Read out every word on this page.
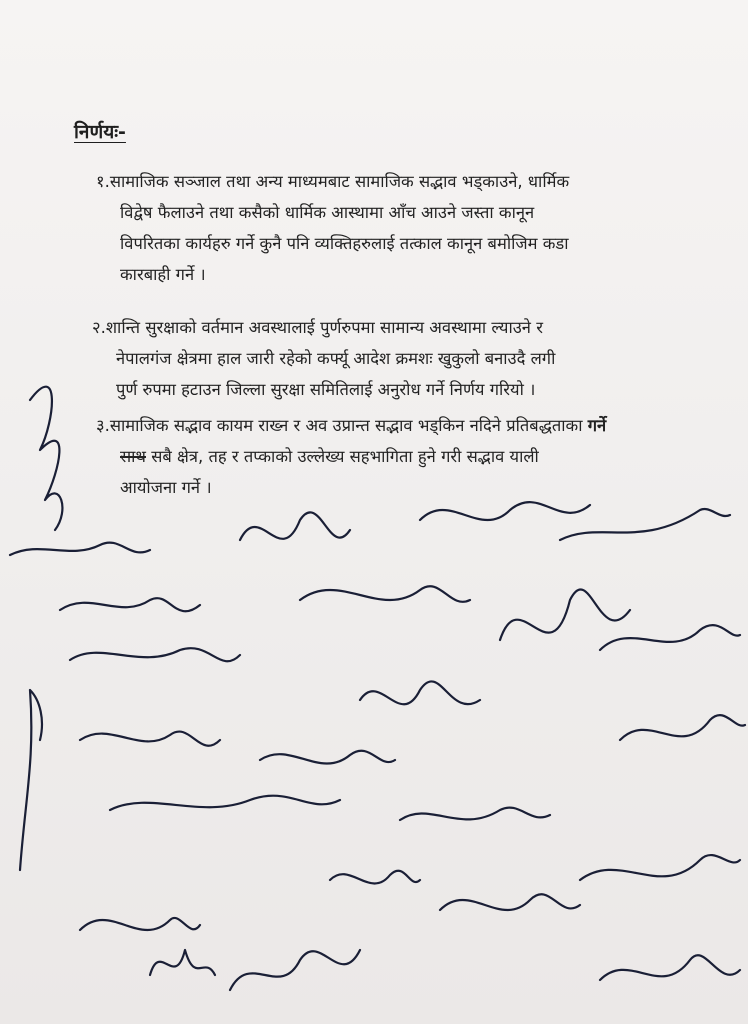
निर्णयः-
१.सामाजिक सञ्जाल तथा अन्य माध्यमबाट सामाजिक सद्भाव भड्काउने, धार्मिक
विद्वेष फैलाउने तथा कसैको धार्मिक आस्थामा आँच आउने जस्ता कानून
विपरितका कार्यहरु गर्ने कुनै पनि व्यक्तिहरुलाई तत्काल कानून बमोजिम कडा
कारबाही गर्ने ।
२.शान्ति सुरक्षाको वर्तमान अवस्थालाई पुर्णरुपमा सामान्य अवस्थामा ल्याउने र
नेपालगंज क्षेत्रमा हाल जारी रहेको कर्फ्यू आदेश क्रमशः खुकुलो बनाउदै लगी
पुर्ण रुपमा हटाउन जिल्ला सुरक्षा समितिलाई अनुरोध गर्ने निर्णय गरियो ।
३.सामाजिक सद्भाव कायम राख्न र अव उप्रान्त सद्भाव भड्किन नदिने प्रतिबद्धताका गर्ने
साथ सबै क्षेत्र, तह र तप्काको उल्लेख्य सहभागिता हुने गरी सद्भाव याली
आयोजना गर्ने ।
